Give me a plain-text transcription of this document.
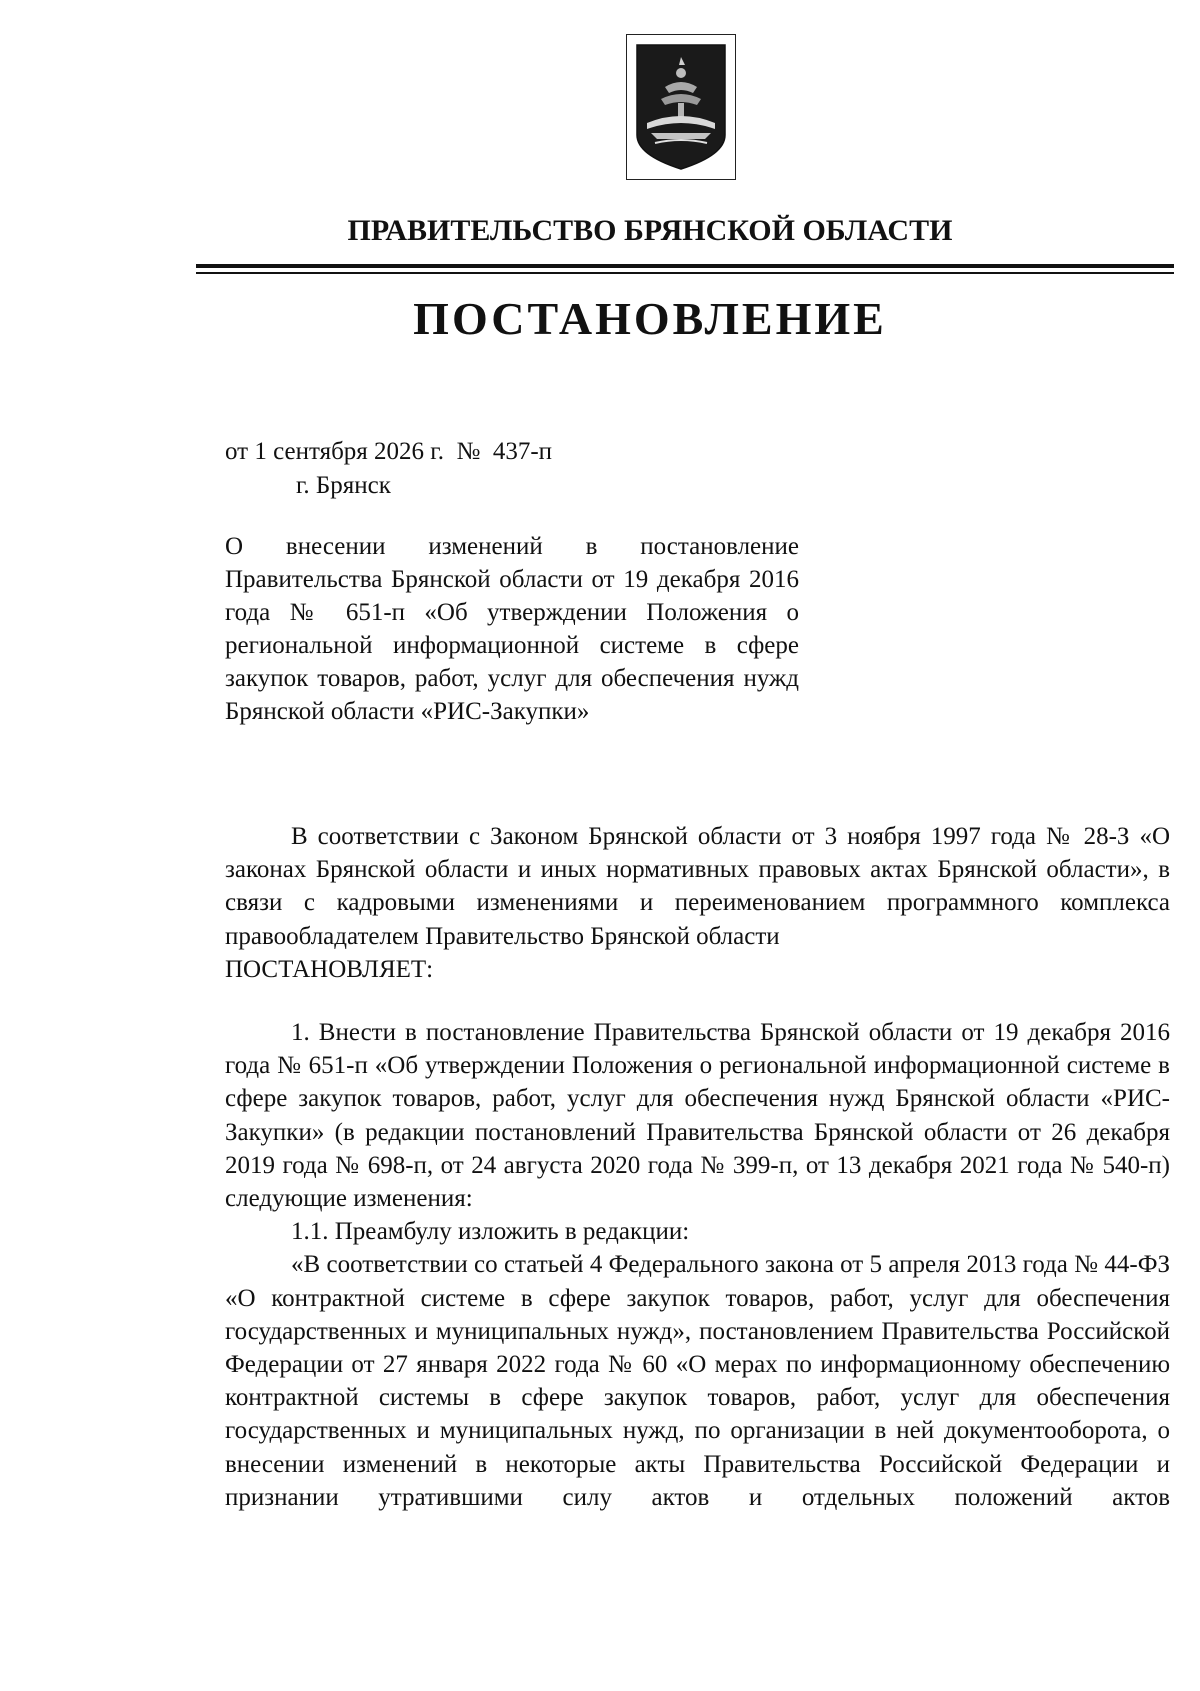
ПРАВИТЕЛЬСТВО БРЯНСКОЙ ОБЛАСТИ
ПОСТАНОВЛЕНИЕ
от 1 сентября 2026 г.  №  437-п
г. Брянск
О внесении изменений в постановление Правительства Брянской области от 19 декабря 2016 года № 651-п «Об утверждении Положения о региональной информационной системе в сфере закупок товаров, работ, услуг для обеспечения нужд Брянской области «РИС-Закупки»

В соответствии с Законом Брянской области от 3 ноября 1997 года № 28-З «О законах Брянской области и иных нормативных правовых актах Брянской области», в связи с кадровыми изменениями и переименованием программного комплекса правообладателем Правительство Брянской области

ПОСТАНОВЛЯЕТ:

1. Внести в постановление Правительства Брянской области от 19 декабря 2016 года № 651-п «Об утверждении Положения о региональной информационной системе в сфере закупок товаров, работ, услуг для обеспечения нужд Брянской области «РИС-Закупки» (в редакции постановлений Правительства Брянской области от 26 декабря 2019 года № 698-п, от 24 августа 2020 года № 399-п, от 13 декабря 2021 года № 540-п) следующие изменения:

1.1. Преамбулу изложить в редакции:

«В соответствии со статьей 4 Федерального закона от 5 апреля 2013 года № 44-ФЗ «О контрактной системе в сфере закупок товаров, работ, услуг для обеспечения государственных и муниципальных нужд», постановлением Правительства Российской Федерации от 27 января 2022 года № 60 «О мерах по информационному обеспечению контрактной системы в сфере закупок товаров, работ, услуг для обеспечения государственных и муниципальных нужд, по организации в ней документооборота, о внесении изменений в некоторые акты Правительства Российской Федерации и признании утратившими силу актов и отдельных положений актов
